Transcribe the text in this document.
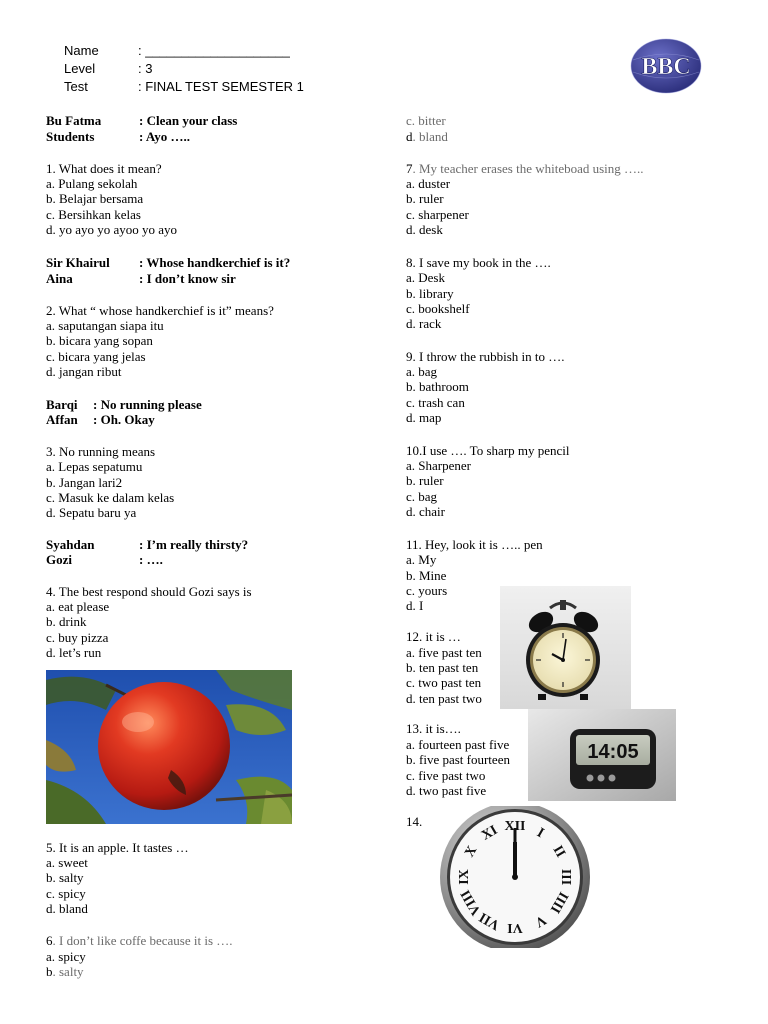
Name	: ____________________
Level	: 3
Test	: FINAL TEST SEMESTER 1
BBC
Bu Fatma	: Clean your class
Students	: Ayo …..
1. What does it mean?
a. Pulang sekolah
b. Belajar bersama
c. Bersihkan kelas
d. yo ayo yo ayoo yo ayo
Sir Khairul : Whose handkerchief is it?
Aina	: I don’t know sir
2. What “ whose handkerchief is it” means?
a. saputangan siapa itu
b. bicara yang sopan
c. bicara yang jelas
d. jangan ribut
Barqi : No running please
Affan : Oh. Okay
3. No running means
a. Lepas sepatumu
b. Jangan lari2
c. Masuk ke dalam kelas
d. Sepatu baru ya
Syahdan	: I’m really thirsty?
Gozi	: ….
4. The best respond should Gozi says is
a. eat please
b. drink
c. buy pizza
d. let’s run
5. It is an apple. It tastes …
a. sweet
b. salty
c. spicy
d. bland
6. I don’t like coffe because it is ….
a. spicy
b. salty
c. bitter
d. bland
7. My teacher erases the whiteboad using …..
a. duster
b. ruler
c. sharpener
d. desk
8. I save my book in the ….
a. Desk
b. library
c. bookshelf
d. rack
9. I throw the rubbish in to ….
a. bag
b. bathroom
c. trash can
d. map
10.I use …. To sharp my pencil
a. Sharpener
b. ruler
c. bag
d. chair
11. Hey, look it is ….. pen
a. My
b. Mine
c. yours
d. I
12. it is …
a. five past ten
b. ten past ten
c. two past ten
d. ten past two
14:05
13. it is….
a. fourteen past five
b. five past fourteen
c. five past two
d. two past five
14.	XII I
II
III
IIII
V
VI
VII
VIII
IX
X
XI
